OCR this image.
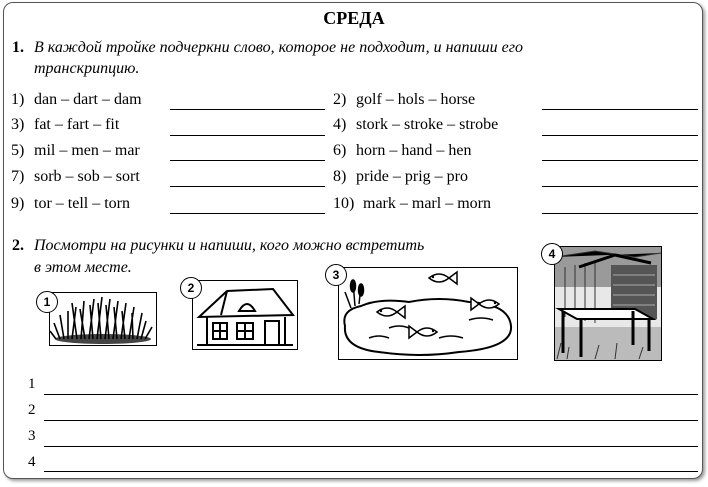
СРЕДА
1. В каждой тройке подчеркни слово, которое не подходит, и напиши его
транскрипцию.
1) dan – dart – dam	2) golf – hols – horse
3) fat – fart – fit	4) stork – stroke – strobe
5) mil – men – mar	6) horn – hand – hen
7) sorb – sob – sort	8) pride – prig – pro
9) tor – tell – torn	10) mark – marl – morn
2. Посмотри на рисунки и напиши, кого можно встретить
в этом месте.
1
2
3
4
1
2
3
4
